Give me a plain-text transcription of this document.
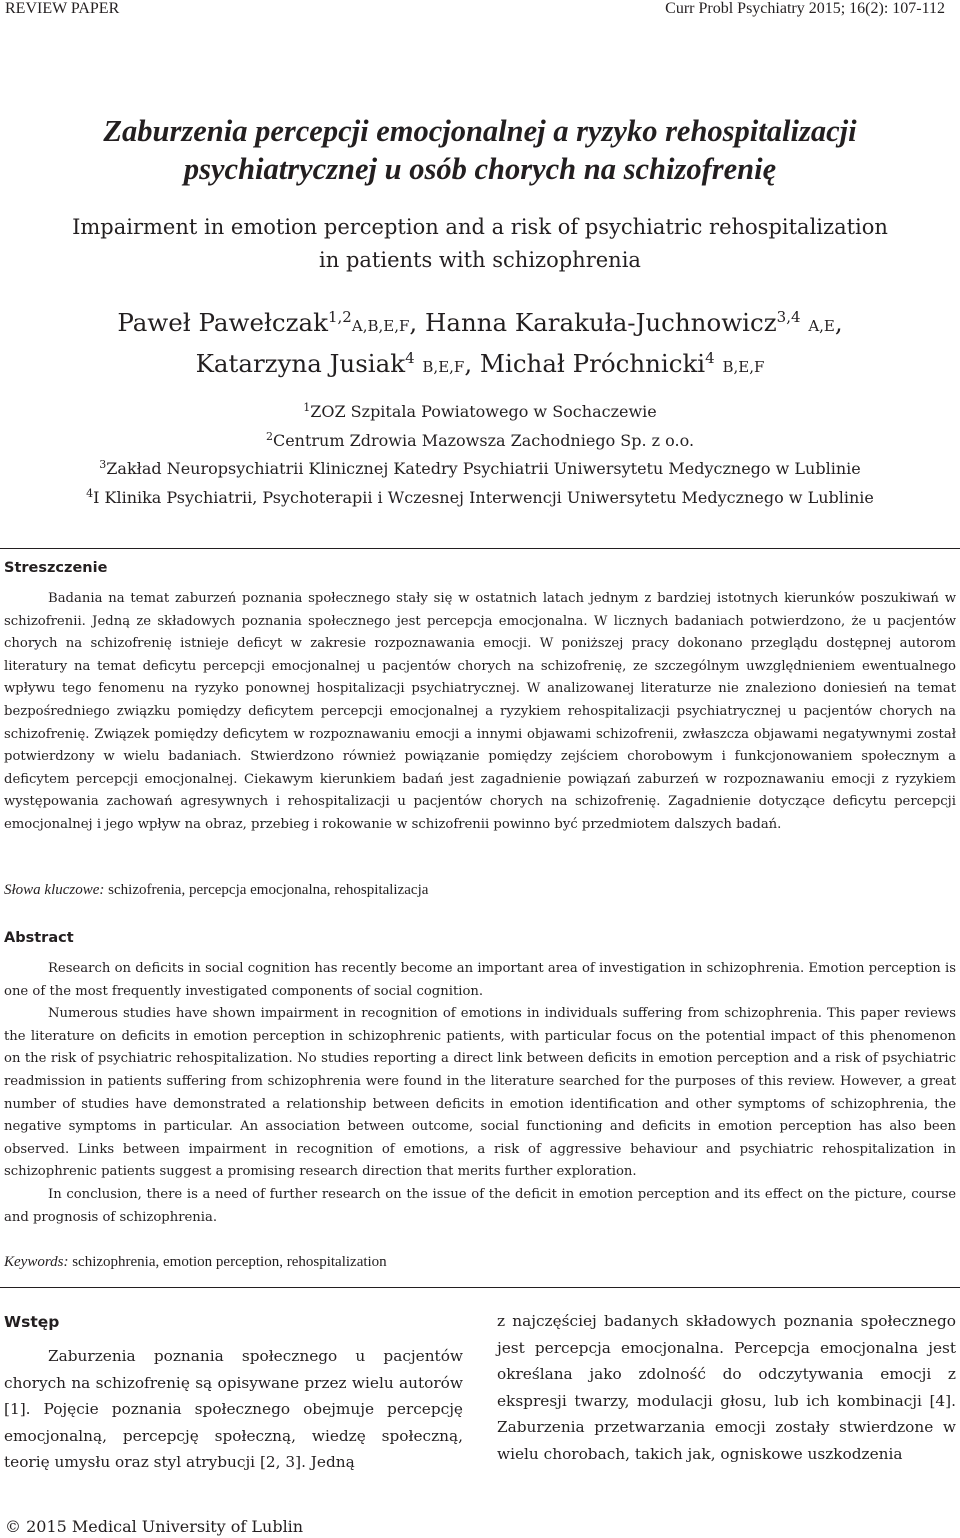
REVIEW PAPER	Curr Probl Psychiatry 2015; 16(2): 107-112
Zaburzenia percepcji emocjonalnej a ryzyko rehospitalizacji
psychiatrycznej u osób chorych na schizofrenię
Impairment in emotion perception and a risk of psychiatric rehospitalization
in patients with schizophrenia
Paweł Pawełczak$^{1,2}$A,B,E,F, Hanna Karakuła-Juchnowicz$^{3,4}$ A,E,
Katarzyna Jusiak$^4$ B,E,F, Michał Próchnicki$^4$ B,E,F
$^1$ZOZ Szpitala Powiatowego w Sochaczewie
$^2$Centrum Zdrowia Mazowsza Zachodniego Sp. z o.o.
$^3$Zakład Neuropsychiatrii Klinicznej Katedry Psychiatrii Uniwersytetu Medycznego w Lublinie
$^4$I Klinika Psychiatrii, Psychoterapii i Wczesnej Interwencji Uniwersytetu Medycznego w Lublinie
Streszczenie
Badania na temat zaburzeń poznania społecznego stały się w ostatnich latach jednym z bardziej istotnych kierunków poszukiwań w schizofrenii. Jedną ze składowych poznania społecznego jest percepcja emocjonalna. W licznych badaniach potwierdzono, że u pacjentów chorych na schizofrenię istnieje deficyt w zakresie rozpoznawania emocji. W poniższej pracy dokonano przeglądu dostępnej autorom literatury na temat deficytu percepcji emocjonalnej u pacjentów chorych na schizofrenię, ze szczególnym uwzględnieniem ewentualnego wpływu tego fenomenu na ryzyko ponownej hospitalizacji psychiatrycznej. W analizowanej literaturze nie znaleziono doniesień na temat bezpośredniego związku pomiędzy deficytem percepcji emocjonalnej a ryzykiem rehospitalizacji psychiatrycznej u pacjentów chorych na schizofrenię. Związek pomiędzy deficytem w rozpoznawaniu emocji a innymi objawami schizofrenii, zwłaszcza objawami negatywnymi został potwierdzony w wielu badaniach. Stwierdzono również powiązanie pomiędzy zejściem chorobowym i funkcjonowaniem społecznym a deficytem percepcji emocjonalnej. Ciekawym kierunkiem badań jest zagadnienie powiązań zaburzeń w rozpoznawaniu emocji z ryzykiem występowania zachowań agresywnych i rehospitalizacji u pacjentów chorych na schizofrenię. Zagadnienie dotyczące deficytu percepcji emocjonalnej i jego wpływ na obraz, przebieg i rokowanie w schizofrenii powinno być przedmiotem dalszych badań.
Słowa kluczowe: schizofrenia, percepcja emocjonalna, rehospitalizacja
Abstract
Research on deficits in social cognition has recently become an important area of investigation in schizophrenia. Emotion perception is one of the most frequently investigated components of social cognition.
Numerous studies have shown impairment in recognition of emotions in individuals suffering from schizophrenia. This paper reviews the literature on deficits in emotion perception in schizophrenic patients, with particular focus on the potential impact of this phenomenon on the risk of psychiatric rehospitalization. No studies reporting a direct link between deficits in emotion perception and a risk of psychiatric readmission in patients suffering from schizophrenia were found in the literature searched for the purposes of this review. However, a great number of studies have demonstrated a relationship between deficits in emotion identification and other symptoms of schizophrenia, the negative symptoms in particular. An association between outcome, social functioning and deficits in emotion perception has also been observed. Links between impairment in recognition of emotions, a risk of aggressive behaviour and psychiatric rehospitalization in schizophrenic patients suggest a promising research direction that merits further exploration.
In conclusion, there is a need of further research on the issue of the deficit in emotion perception and its effect on the picture, course and prognosis of schizophrenia.
Keywords: schizophrenia, emotion perception, rehospitalization
Wstęp
Zaburzenia poznania społecznego u pacjentów chorych na schizofrenię są opisywane przez wielu autorów [1]. Pojęcie poznania społecznego obejmuje percepcję emocjonalną, percepcję społeczną, wiedzę społeczną, teorię umysłu oraz styl atrybucji [2, 3]. Jedną
z najczęściej badanych składowych poznania społecznego jest percepcja emocjonalna. Percepcja emocjonalna jest określana jako zdolność do odczytywania emocji z ekspresji twarzy, modulacji głosu, lub ich kombinacji [4]. Zaburzenia przetwarzania emocji zostały stwierdzone w wielu chorobach, takich jak, ogniskowe uszkodzenia
© 2015 Medical University of Lublin
